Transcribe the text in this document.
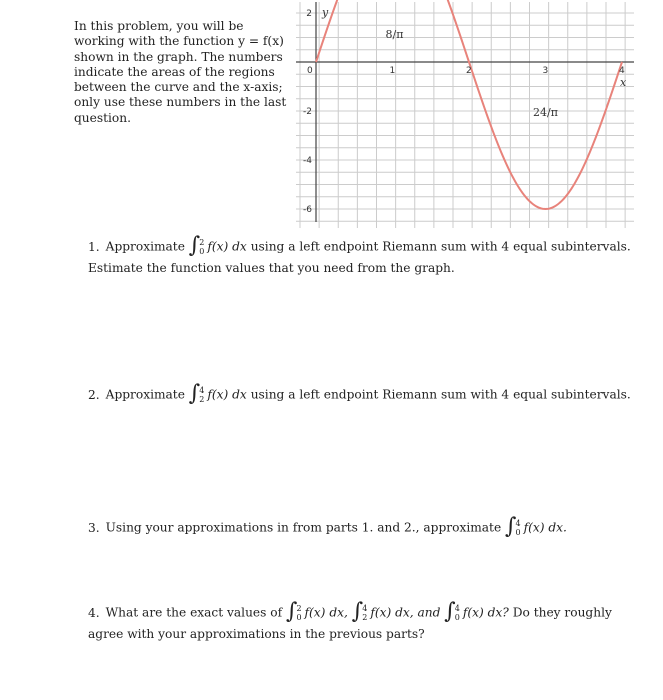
In this problem, you will be working with the function y = f(x) shown in the graph. The numbers indicate the areas of the regions between the curve and the x-axis; only use these numbers in the last question.
0	1	2	3	4
2
-2
-4
-6
x
y
8/π
24/π
1. Approximate ∫ 2
0 f(x) dx using a left endpoint Riemann sum with 4 equal subintervals. Estimate the function values that you need from the graph.
2. Approximate ∫ 4
2 f(x) dx using a left endpoint Riemann sum with 4 equal subintervals.
3. Using your approximations in from parts 1. and 2., approximate ∫ 4
0 f(x) dx.
4. What are the exact values of ∫ 2
0 f(x) dx, ∫ 4
2 f(x) dx, and ∫ 4
0 f(x) dx? Do they roughly agree with your approximations in the previous parts?
